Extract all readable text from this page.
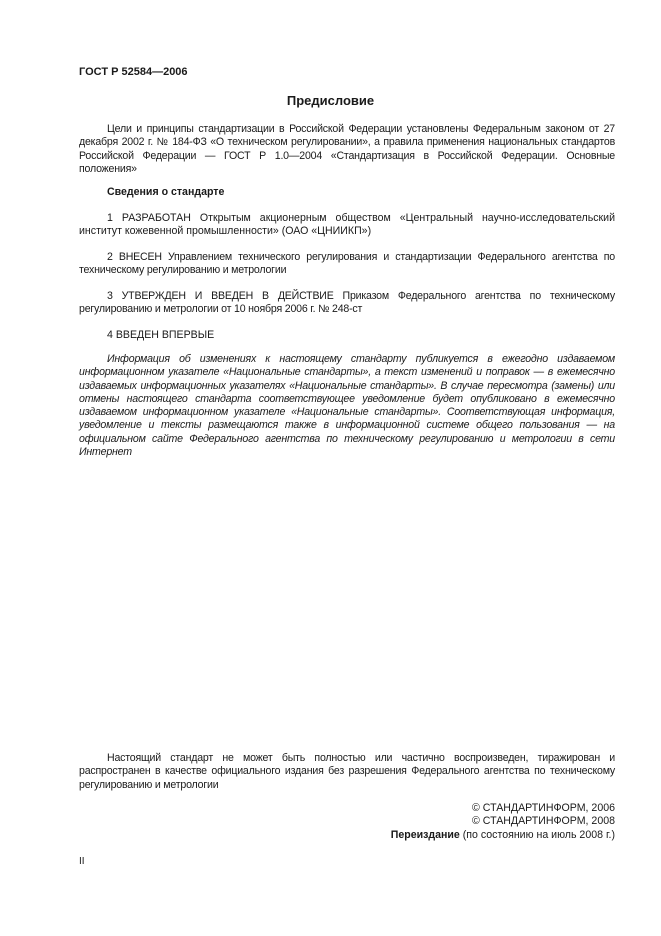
ГОСТ Р 52584—2006
Предисловие

Цели и принципы стандартизации в Российской Федерации установлены Федеральным законом от 27 декабря 2002 г. № 184-ФЗ «О техническом регулировании», а правила применения национальных стандартов Российской Федерации — ГОСТ Р 1.0—2004 «Стандартизация в Российской Федерации. Основные положения»

Сведения о стандарте

1 РАЗРАБОТАН Открытым акционерным обществом «Центральный научно-исследовательский институт кожевенной промышленности» (ОАО «ЦНИИКП»)

2 ВНЕСЕН Управлением технического регулирования и стандартизации Федерального агентства по техническому регулированию и метрологии

3 УТВЕРЖДЕН И ВВЕДЕН В ДЕЙСТВИЕ Приказом Федерального агентства по техническому регулированию и метрологии от 10 ноября 2006 г. № 248-ст

4 ВВЕДЕН ВПЕРВЫЕ

Информация об изменениях к настоящему стандарту публикуется в ежегодно издаваемом информационном указателе «Национальные стандарты», а текст изменений и поправок — в ежемесячно издаваемых информационных указателях «Национальные стандарты». В случае пересмотра (замены) или отмены настоящего стандарта соответствующее уведомление будет опубликовано в ежемесячно издаваемом информационном указателе «Национальные стандарты». Соответствующая информация, уведомление и тексты размещаются также в информационной системе общего пользования — на официальном сайте Федерального агентства по техническому регулированию и метрологии в сети Интернет

Настоящий стандарт не может быть полностью или частично воспроизведен, тиражирован и распространен в качестве официального издания без разрешения Федерального агентства по техническому регулированию и метрологии

© СТАНДАРТИНФОРМ, 2006
© СТАНДАРТИНФОРМ, 2008
Переиздание (по состоянию на июль 2008 г.)
II
